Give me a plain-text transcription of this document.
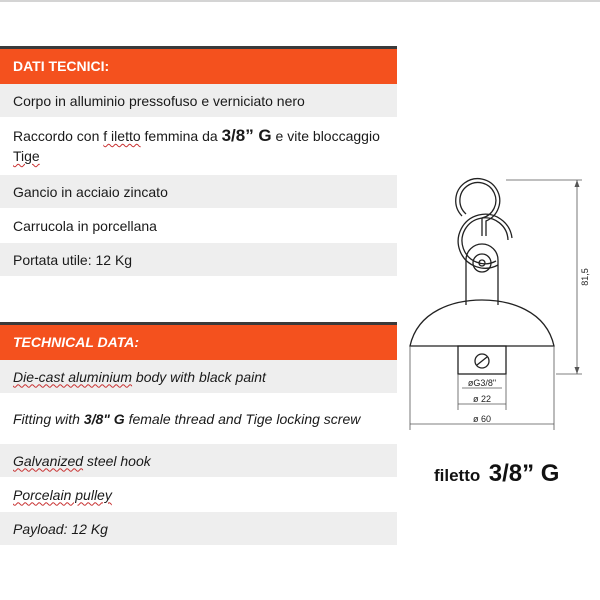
DATI TECNICI:
Corpo in alluminio pressofuso e verniciato nero
Raccordo con f iletto femmina da 3/8” G e vite bloccaggio Tige
Gancio in acciaio zincato
Carrucola in porcellana
Portata utile: 12 Kg
TECHNICAL DATA:
Die-cast aluminium body with black paint
Fitting with 3/8" G female thread and Tige locking screw
Galvanized steel hook
Porcelain pulley
Payload: 12 Kg
81,5
øG3/8"
ø 22
ø 60
filetto 3/8” G
